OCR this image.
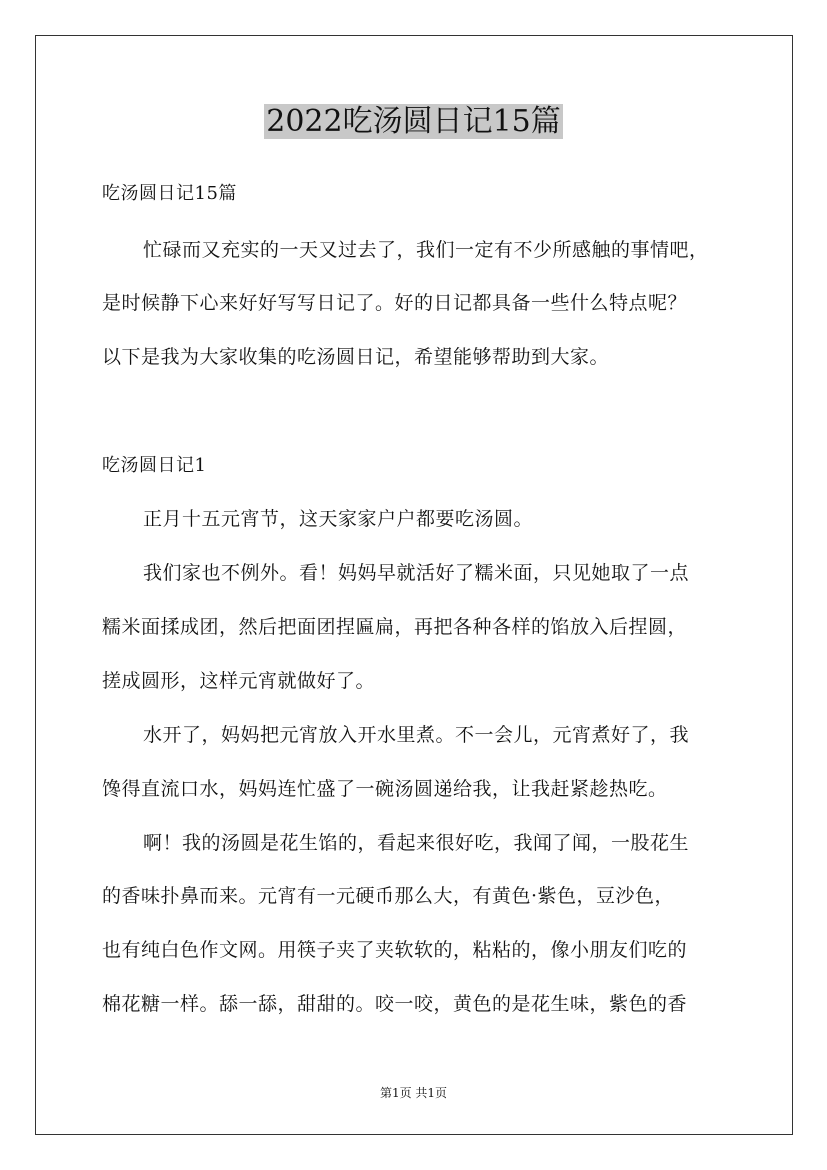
2022吃汤圆日记15篇
吃汤圆日记15篇
忙碌而又充实的一天又过去了，我们一定有不少所感触的事情吧，
是时候静下心来好好写写日记了。好的日记都具备一些什么特点呢？
以下是我为大家收集的吃汤圆日记，希望能够帮助到大家。
吃汤圆日记1
正月十五元宵节，这天家家户户都要吃汤圆。
我们家也不例外。看！妈妈早就活好了糯米面，只见她取了一点
糯米面揉成团，然后把面团捏匾扁，再把各种各样的馅放入后捏圆，
搓成圆形，这样元宵就做好了。
水开了，妈妈把元宵放入开水里煮。不一会儿，元宵煮好了，我
馋得直流口水，妈妈连忙盛了一碗汤圆递给我，让我赶紧趁热吃。
啊！我的汤圆是花生馅的，看起来很好吃，我闻了闻，一股花生
的香味扑鼻而来。元宵有一元硬币那么大，有黄色·紫色，豆沙色，
也有纯白色作文网。用筷子夹了夹软软的，粘粘的，像小朋友们吃的
棉花糖一样。舔一舔，甜甜的。咬一咬，黄色的是花生味，紫色的香
第1页 共1页
